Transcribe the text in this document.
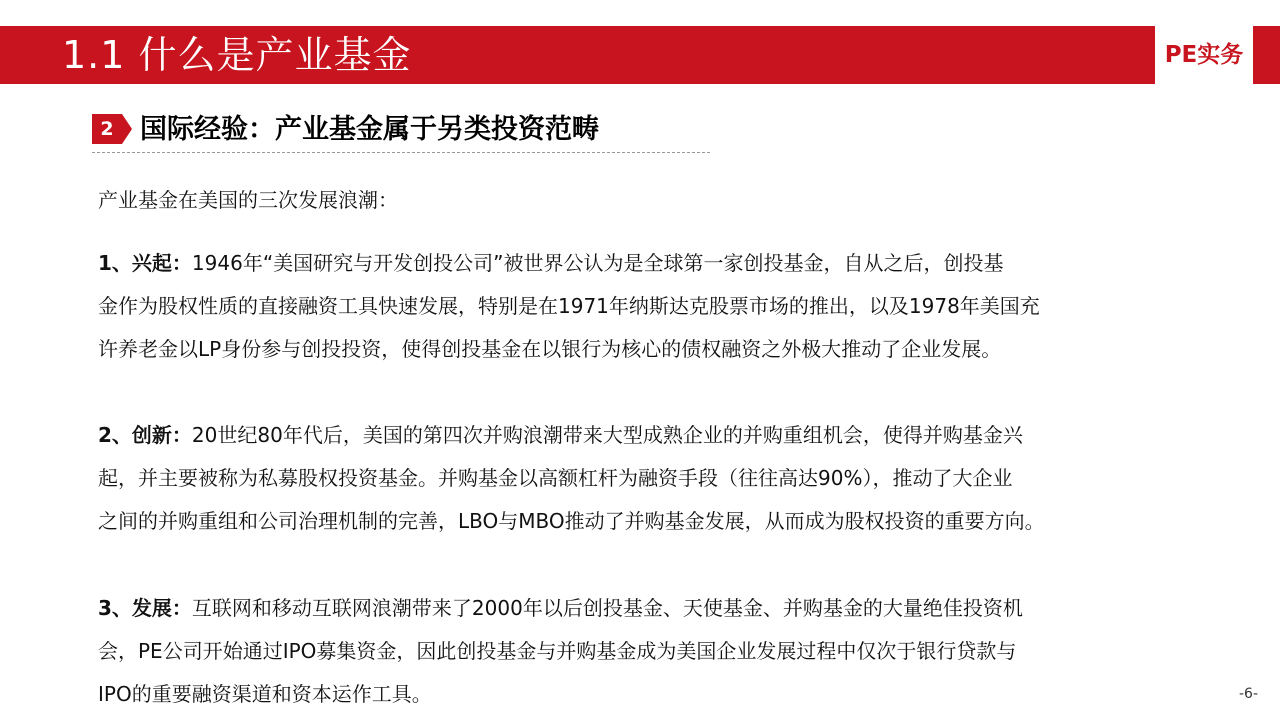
1.1 什么是产业基金	PE实务
2 国际经验：产业基金属于另类投资范畴
产业基金在美国的三次发展浪潮：
1、兴起：1946年“美国研究与开发创投公司”被世界公认为是全球第一家创投基金，自从之后，创投基
金作为股权性质的直接融资工具快速发展，特别是在1971年纳斯达克股票市场的推出，以及1978年美国充
许养老金以LP身份参与创投投资，使得创投基金在以银行为核心的债权融资之外极大推动了企业发展。
2、创新：20世纪80年代后，美国的第四次并购浪潮带来大型成熟企业的并购重组机会，使得并购基金兴
起，并主要被称为私募股权投资基金。并购基金以高额杠杆为融资手段（往往高达90%），推动了大企业
之间的并购重组和公司治理机制的完善，LBO与MBO推动了并购基金发展，从而成为股权投资的重要方向。
3、发展：互联网和移动互联网浪潮带来了2000年以后创投基金、天使基金、并购基金的大量绝佳投资机
会，PE公司开始通过IPO募集资金，因此创投基金与并购基金成为美国企业发展过程中仅次于银行贷款与
IPO的重要融资渠道和资本运作工具。	-6-
